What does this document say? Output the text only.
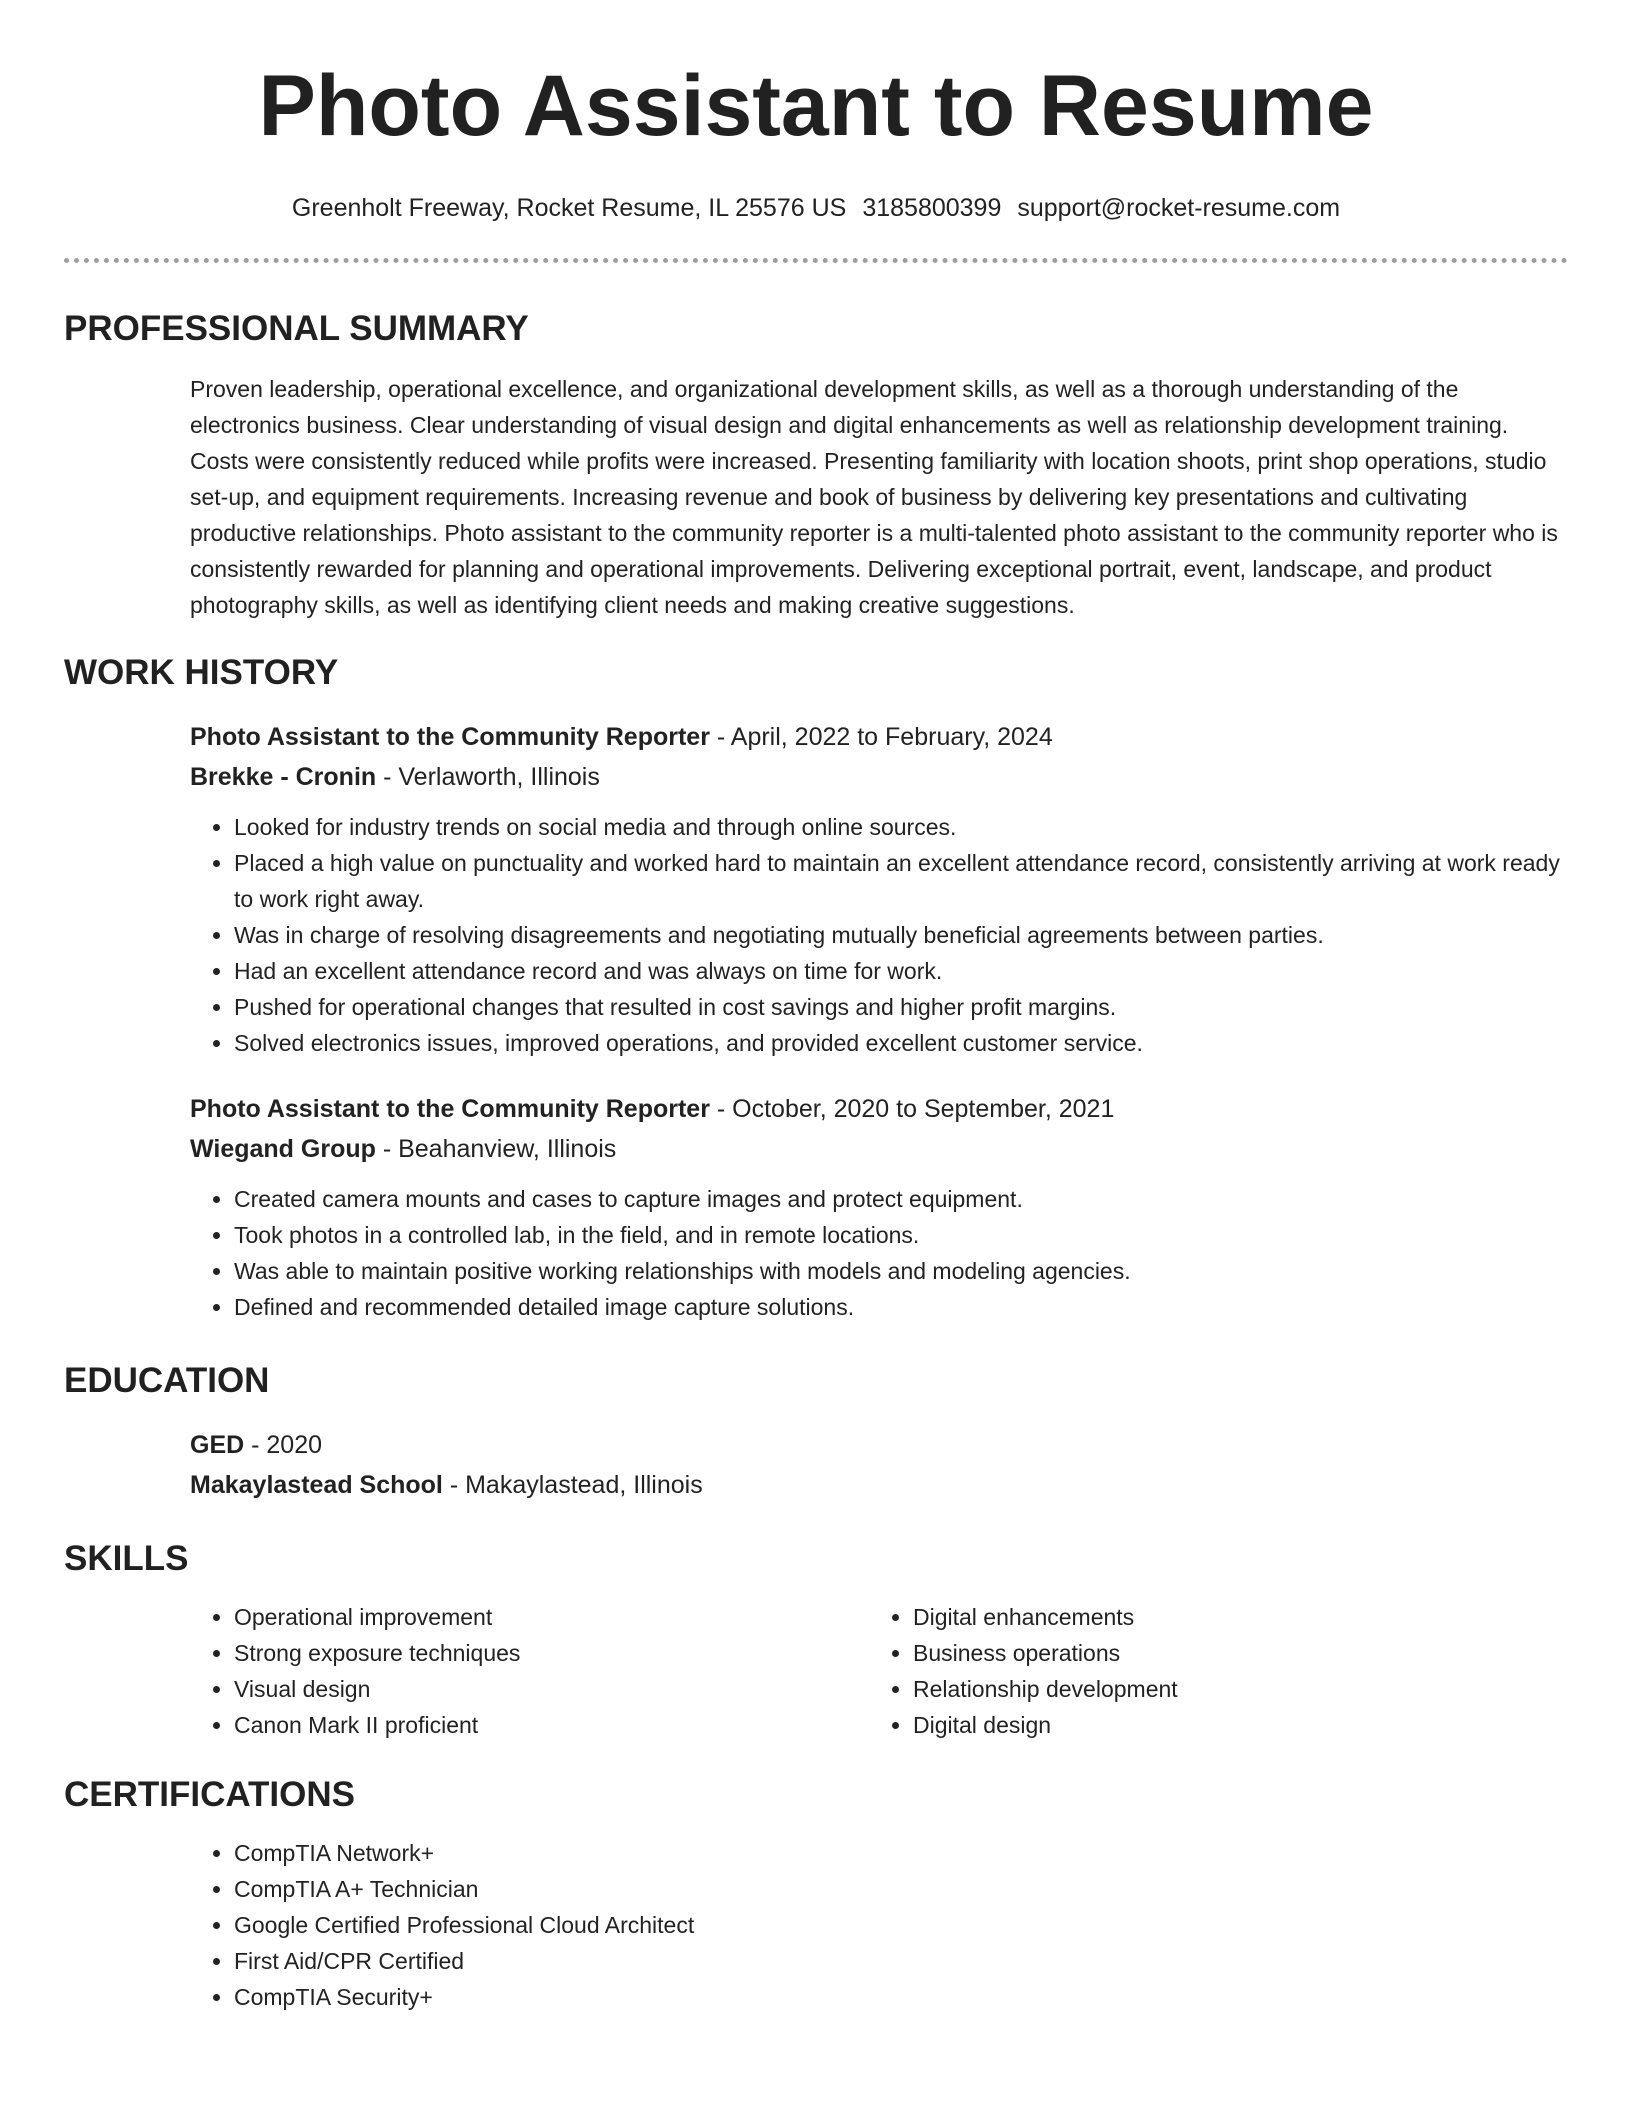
Photo Assistant to Resume
Greenholt Freeway, Rocket Resume, IL 25576 US 3185800399 support@rocket-resume.com
PROFESSIONAL SUMMARY
Proven leadership, operational excellence, and organizational development skills, as well as a thorough understanding of the electronics business. Clear understanding of visual design and digital enhancements as well as relationship development training. Costs were consistently reduced while profits were increased. Presenting familiarity with location shoots, print shop operations, studio set-up, and equipment requirements. Increasing revenue and book of business by delivering key presentations and cultivating productive relationships. Photo assistant to the community reporter is a multi-talented photo assistant to the community reporter who is consistently rewarded for planning and operational improvements. Delivering exceptional portrait, event, landscape, and product photography skills, as well as identifying client needs and making creative suggestions.
WORK HISTORY
Photo Assistant to the Community Reporter - April, 2022 to February, 2024
Brekke - Cronin - Verlaworth, Illinois
• Looked for industry trends on social media and through online sources.
• Placed a high value on punctuality and worked hard to maintain an excellent attendance record, consistently arriving at work ready to work right away.
• Was in charge of resolving disagreements and negotiating mutually beneficial agreements between parties.
• Had an excellent attendance record and was always on time for work.
• Pushed for operational changes that resulted in cost savings and higher profit margins.
• Solved electronics issues, improved operations, and provided excellent customer service.
Photo Assistant to the Community Reporter - October, 2020 to September, 2021
Wiegand Group - Beahanview, Illinois
• Created camera mounts and cases to capture images and protect equipment.
• Took photos in a controlled lab, in the field, and in remote locations.
• Was able to maintain positive working relationships with models and modeling agencies.
• Defined and recommended detailed image capture solutions.
EDUCATION
GED - 2020
Makaylastead School - Makaylastead, Illinois
SKILLS
• Operational improvement
• Strong exposure techniques
• Visual design
• Canon Mark II proficient
• Digital enhancements
• Business operations
• Relationship development
• Digital design
CERTIFICATIONS
• CompTIA Network+
• CompTIA A+ Technician
• Google Certified Professional Cloud Architect
• First Aid/CPR Certified
• CompTIA Security+
